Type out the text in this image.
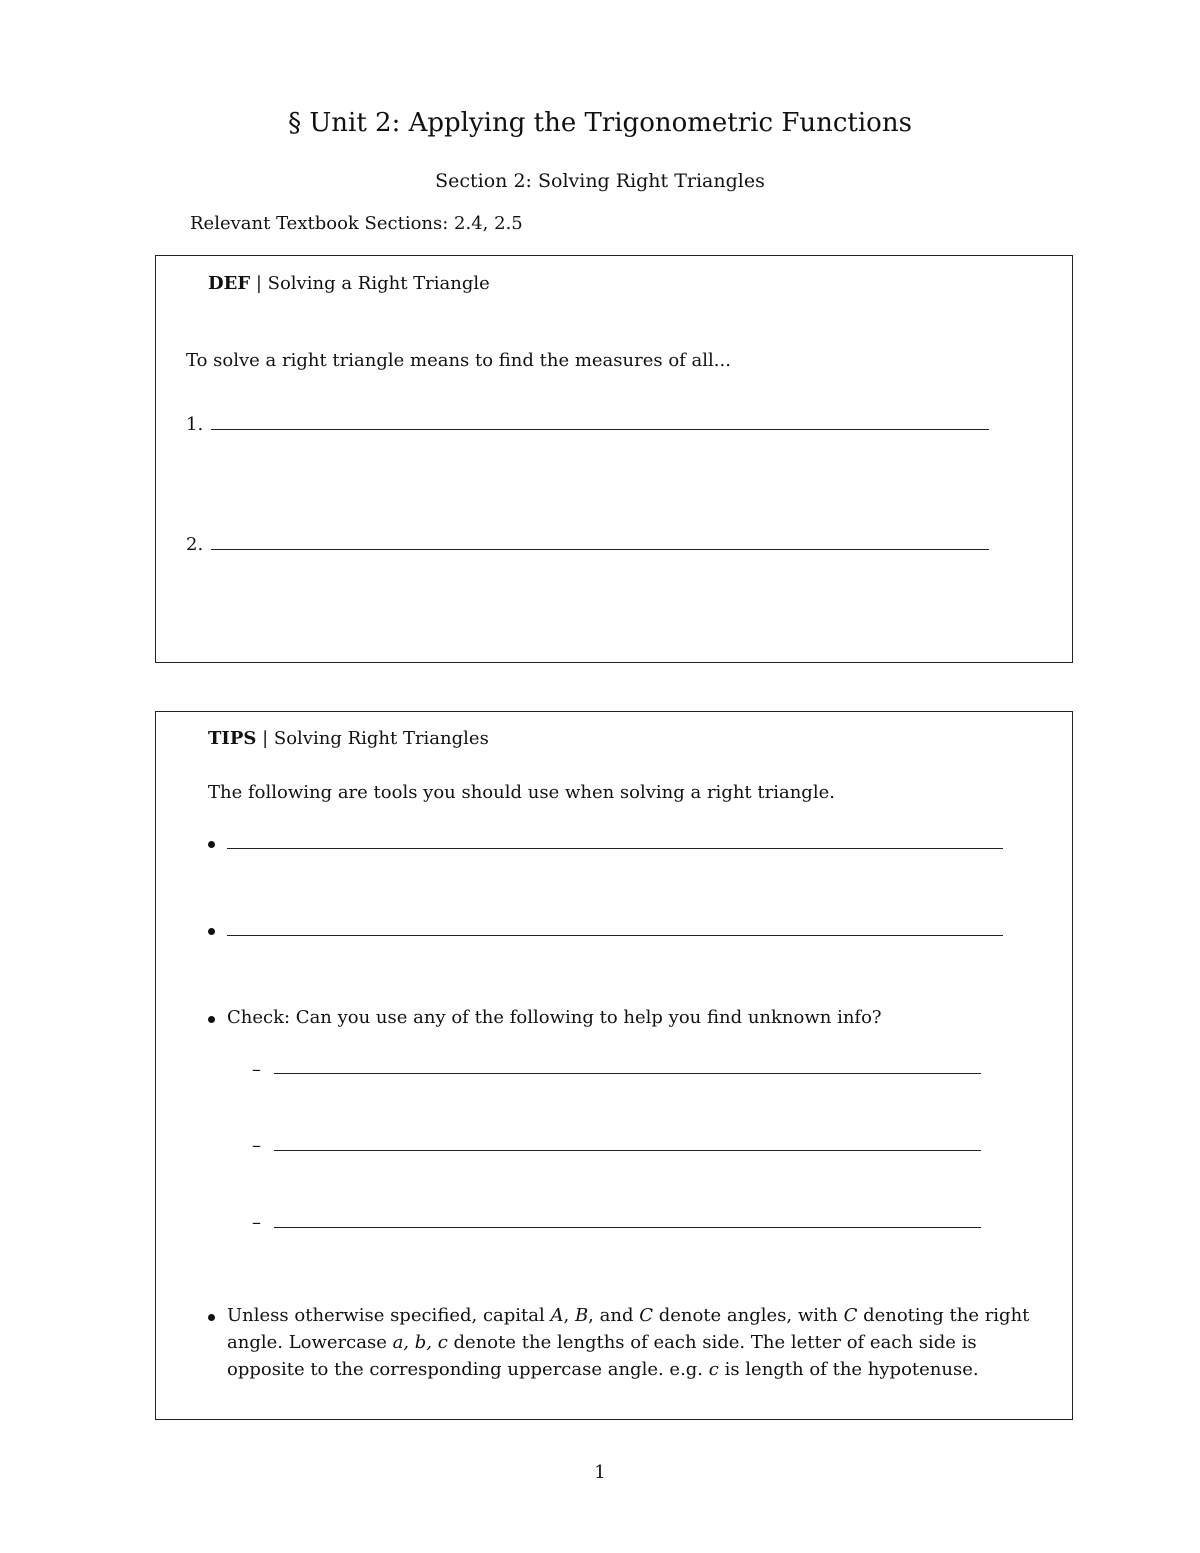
§ Unit 2: Applying the Trigonometric Functions
Section 2: Solving Right Triangles
Relevant Textbook Sections: 2.4, 2.5
DEF | Solving a Right Triangle
To solve a right triangle means to find the measures of all...
1.
2.
TIPS | Solving Right Triangles
The following are tools you should use when solving a right triangle.
Check: Can you use any of the following to help you find unknown info?
–
–
–
Unless otherwise specified, capital A, B, and C denote angles, with C denoting the right angle. Lowercase a, b, c denote the lengths of each side. The letter of each side is opposite to the corresponding uppercase angle. e.g. c is length of the hypotenuse.
1
